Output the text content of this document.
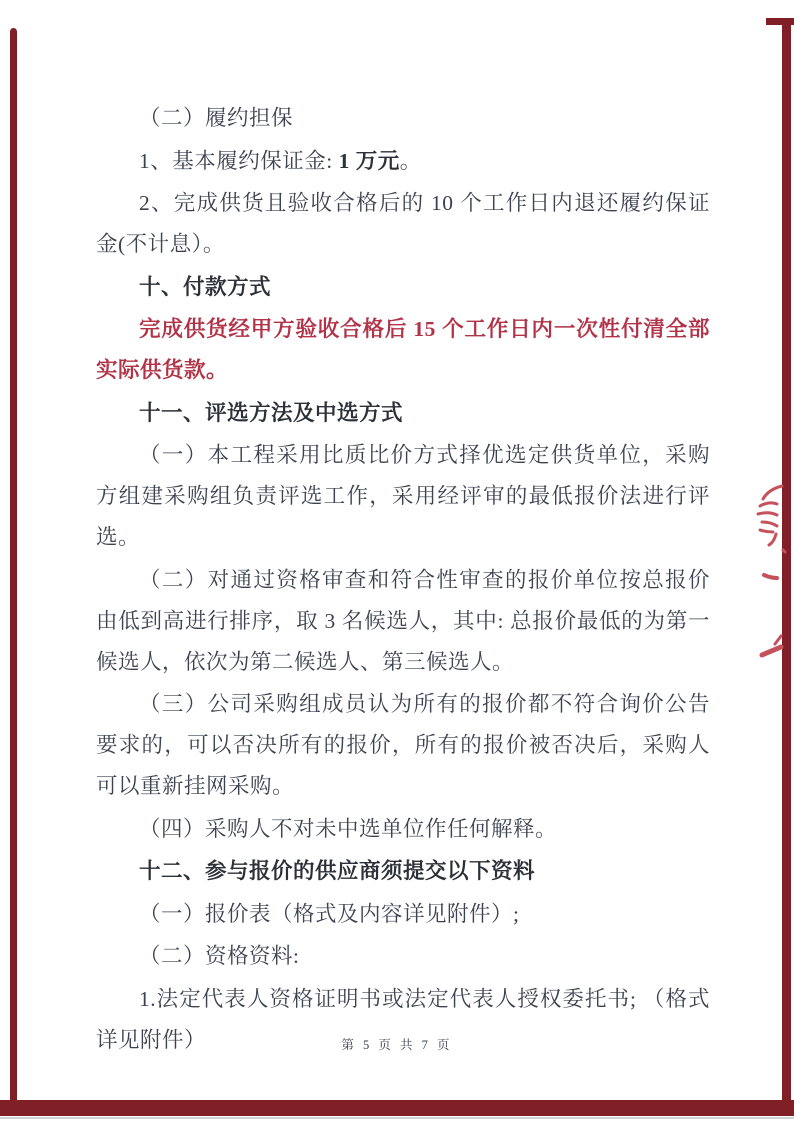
（二）履约担保

1、基本履约保证金: 1 万元。

2、完成供货且验收合格后的 10 个工作日内退还履约保证金(不计息）。

十、付款方式

完成供货经甲方验收合格后 15 个工作日内一次性付清全部实际供货款。

十一、评选方法及中选方式

（一）本工程采用比质比价方式择优选定供货单位，采购方组建采购组负责评选工作，采用经评审的最低报价法进行评选。

（二）对通过资格审查和符合性审查的报价单位按总报价由低到高进行排序，取 3 名候选人，其中: 总报价最低的为第一候选人，依次为第二候选人、第三候选人。

（三）公司采购组成员认为所有的报价都不符合询价公告要求的，可以否决所有的报价，所有的报价被否决后，采购人可以重新挂网采购。

（四）采购人不对未中选单位作任何解释。

十二、参与报价的供应商须提交以下资料

（一）报价表（格式及内容详见附件）;

（二）资格资料:

1.法定代表人资格证明书或法定代表人授权委托书; （格式详见附件）	第 5 页 共 7 页
